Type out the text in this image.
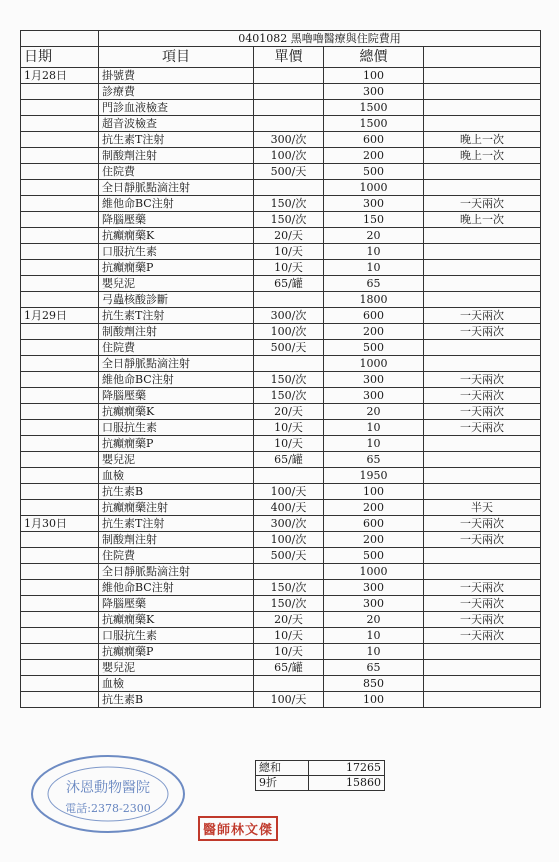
	0401082 黑嚕嚕醫療與住院費用			
日期	項目	單價	總價	
1月28日	掛號費		100	
	診療費		300	
	門診血液檢查		1500	
	超音波檢查		1500	
	抗生素T注射	300/次	600	晚上一次
	制酸劑注射	100/次	200	晚上一次
	住院費	500/天	500	
	全日靜脈點滴注射		1000	
	維他命BC注射	150/次	300	一天兩次
	降腦壓藥	150/次	150	晚上一次
	抗癲癇藥K	20/天	20	
	口服抗生素	10/天	10	
	抗癲癇藥P	10/天	10	
	嬰兒泥	65/罐	65	
	弓蟲核酸診斷		1800	
1月29日	抗生素T注射	300/次	600	一天兩次
	制酸劑注射	100/次	200	一天兩次
	住院費	500/天	500	
	全日靜脈點滴注射		1000	
	維他命BC注射	150/次	300	一天兩次
	降腦壓藥	150/次	300	一天兩次
	抗癲癇藥K	20/天	20	一天兩次
	口服抗生素	10/天	10	一天兩次
	抗癲癇藥P	10/天	10	
	嬰兒泥	65/罐	65	
	血檢		1950	
	抗生素B	100/天	100	
	抗癲癇藥注射	400/天	200	半天
1月30日	抗生素T注射	300/次	600	一天兩次
	制酸劑注射	100/次	200	一天兩次
	住院費	500/天	500	
	全日靜脈點滴注射		1000	
	維他命BC注射	150/次	300	一天兩次
	降腦壓藥	150/次	300	一天兩次
	抗癲癇藥K	20/天	20	一天兩次
	口服抗生素	10/天	10	一天兩次
	抗癲癇藥P	10/天	10	
	嬰兒泥	65/罐	65	
	血檢		850	
	抗生素B	100/天	100	
總和	17265
9折	15860
沐恩動物醫院
電話:2378-2300
醫師林文傑
